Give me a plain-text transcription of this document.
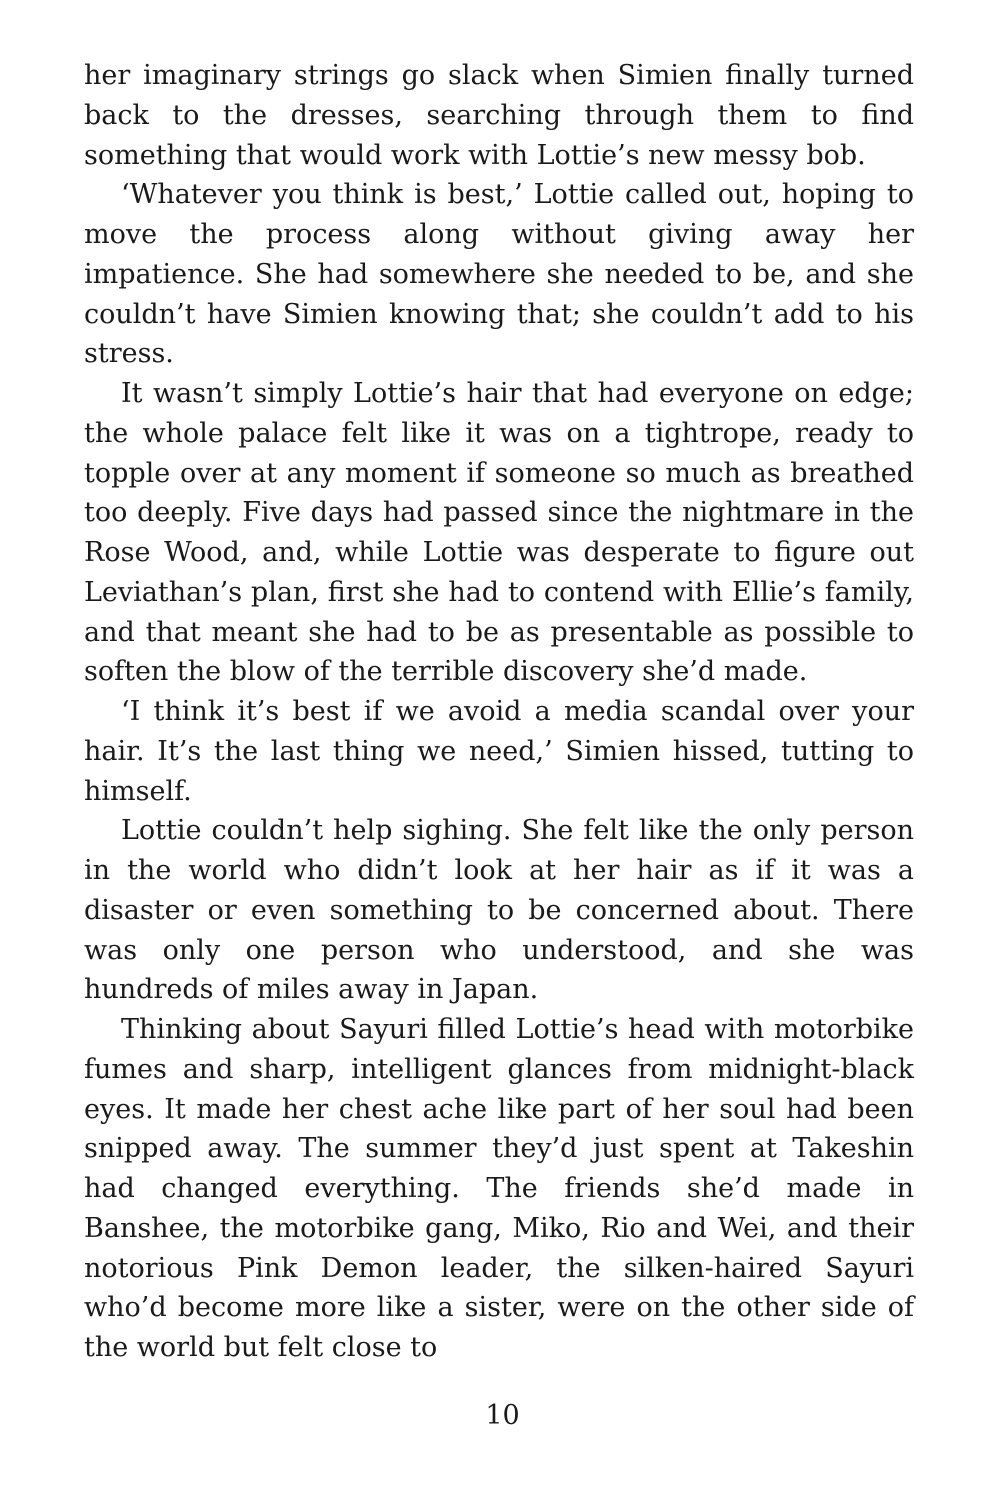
her imaginary strings go slack when Simien finally turned back to the dresses, searching through them to find something that would work with Lottie’s new messy bob.

‘Whatever you think is best,’ Lottie called out, hoping to move the process along without giving away her impatience. She had somewhere she needed to be, and she couldn’t have Simien knowing that; she couldn’t add to his stress.

It wasn’t simply Lottie’s hair that had everyone on edge; the whole palace felt like it was on a tightrope, ready to topple over at any moment if someone so much as breathed too deeply. Five days had passed since the nightmare in the Rose Wood, and, while Lottie was desperate to figure out Leviathan’s plan, first she had to contend with Ellie’s family, and that meant she had to be as presentable as possible to soften the blow of the terrible discovery she’d made.

‘I think it’s best if we avoid a media scandal over your hair. It’s the last thing we need,’ Simien hissed, tutting to himself.

Lottie couldn’t help sighing. She felt like the only person in the world who didn’t look at her hair as if it was a disaster or even something to be concerned about. There was only one person who understood, and she was hundreds of miles away in Japan.

Thinking about Sayuri filled Lottie’s head with motorbike fumes and sharp, intelligent glances from midnight-black eyes. It made her chest ache like part of her soul had been snipped away. The summer they’d just spent at Takeshin had changed everything. The friends she’d made in Banshee, the motorbike gang, Miko, Rio and Wei, and their notorious Pink Demon leader, the silken-haired Sayuri who’d become more like a sister, were on the other side of the world but felt close to

10
